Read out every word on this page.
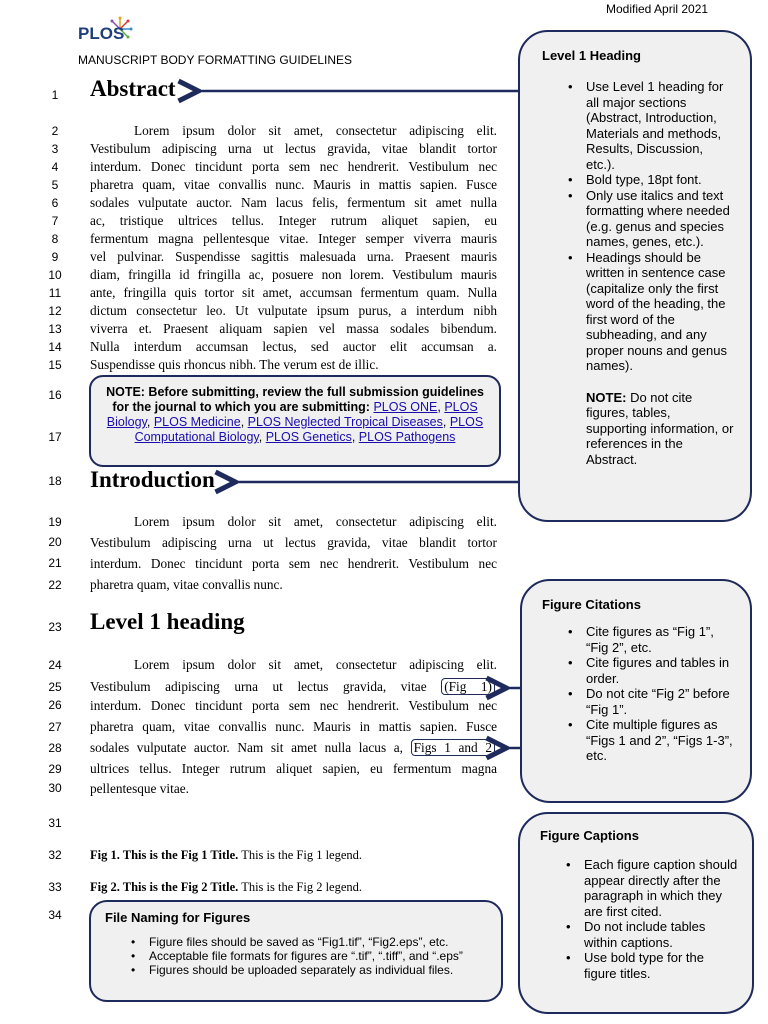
Modified April 2021
PLOS
MANUSCRIPT BODY FORMATTING GUIDELINES
1
2
3
4
5
6
7
8
9
10
11
12
13
14
15
16
17
18
19
20
21
22
23
24
25
26
27
28
29
30
31
32
33
34
Abstract
Lorem ipsum dolor sit amet, consectetur adipiscing elit.
Vestibulum adipiscing urna ut lectus gravida, vitae blandit tortor
interdum. Donec tincidunt porta sem nec hendrerit. Vestibulum nec
pharetra quam, vitae convallis nunc. Mauris in mattis sapien. Fusce
sodales vulputate auctor. Nam lacus felis, fermentum sit amet nulla
ac, tristique ultrices tellus. Integer rutrum aliquet sapien, eu
fermentum magna pellentesque vitae. Integer semper viverra mauris
vel pulvinar. Suspendisse sagittis malesuada urna. Praesent mauris
diam, fringilla id fringilla ac, posuere non lorem. Vestibulum mauris
ante, fringilla quis tortor sit amet, accumsan fermentum quam. Nulla
dictum consectetur leo. Ut vulputate ipsum purus, a interdum nibh
viverra et. Praesent aliquam sapien vel massa sodales bibendum.
Nulla interdum accumsan lectus, sed auctor elit accumsan a.
Suspendisse quis rhoncus nibh. The verum est de illic.
NOTE: Before submitting, review the full submission guidelines for the journal to which you are submitting: PLOS ONE, PLOS Biology, PLOS Medicine, PLOS Neglected Tropical Diseases, PLOS Computational Biology, PLOS Genetics, PLOS Pathogens
Introduction
Lorem ipsum dolor sit amet, consectetur adipiscing elit.
Vestibulum adipiscing urna ut lectus gravida, vitae blandit tortor
interdum. Donec tincidunt porta sem nec hendrerit. Vestibulum nec
pharetra quam, vitae convallis nunc.
Level 1 heading
Lorem ipsum dolor sit amet, consectetur adipiscing elit.
Vestibulum adipiscing urna ut lectus gravida, vitae (Fig 1)
interdum. Donec tincidunt porta sem nec hendrerit. Vestibulum nec
pharetra quam, vitae convallis nunc. Mauris in mattis sapien. Fusce
sodales vulputate auctor. Nam sit amet nulla lacus a, Figs 1 and 2
ultrices tellus. Integer rutrum aliquet sapien, eu fermentum magna
pellentesque vitae.
Fig 1. This is the Fig 1 Title. This is the Fig 1 legend.
Fig 2. This is the Fig 2 Title. This is the Fig 2 legend.
File Naming for Figures
• Figure files should be saved as “Fig1.tif”, “Fig2.eps”, etc.
• Acceptable file formats for figures are “.tif”, “.tiff”, and “.eps”
• Figures should be uploaded separately as individual files.
Level 1 Heading
• Use Level 1 heading for all major sections (Abstract, Introduction, Materials and methods, Results, Discussion, etc.).
• Bold type, 18pt font.
• Only use italics and text formatting where needed (e.g. genus and species names, genes, etc.).
• Headings should be written in sentence case (capitalize only the first word of the heading, the first word of the subheading, and any proper nouns and genus names).
NOTE: Do not cite figures, tables, supporting information, or references in the Abstract.
Figure Citations
• Cite figures as “Fig 1”, “Fig 2”, etc.
• Cite figures and tables in order.
• Do not cite “Fig 2” before “Fig 1”.
• Cite multiple figures as “Figs 1 and 2”, “Figs 1-3”, etc.
Figure Captions
• Each figure caption should appear directly after the paragraph in which they are first cited.
• Do not include tables within captions.
• Use bold type for the figure titles.
